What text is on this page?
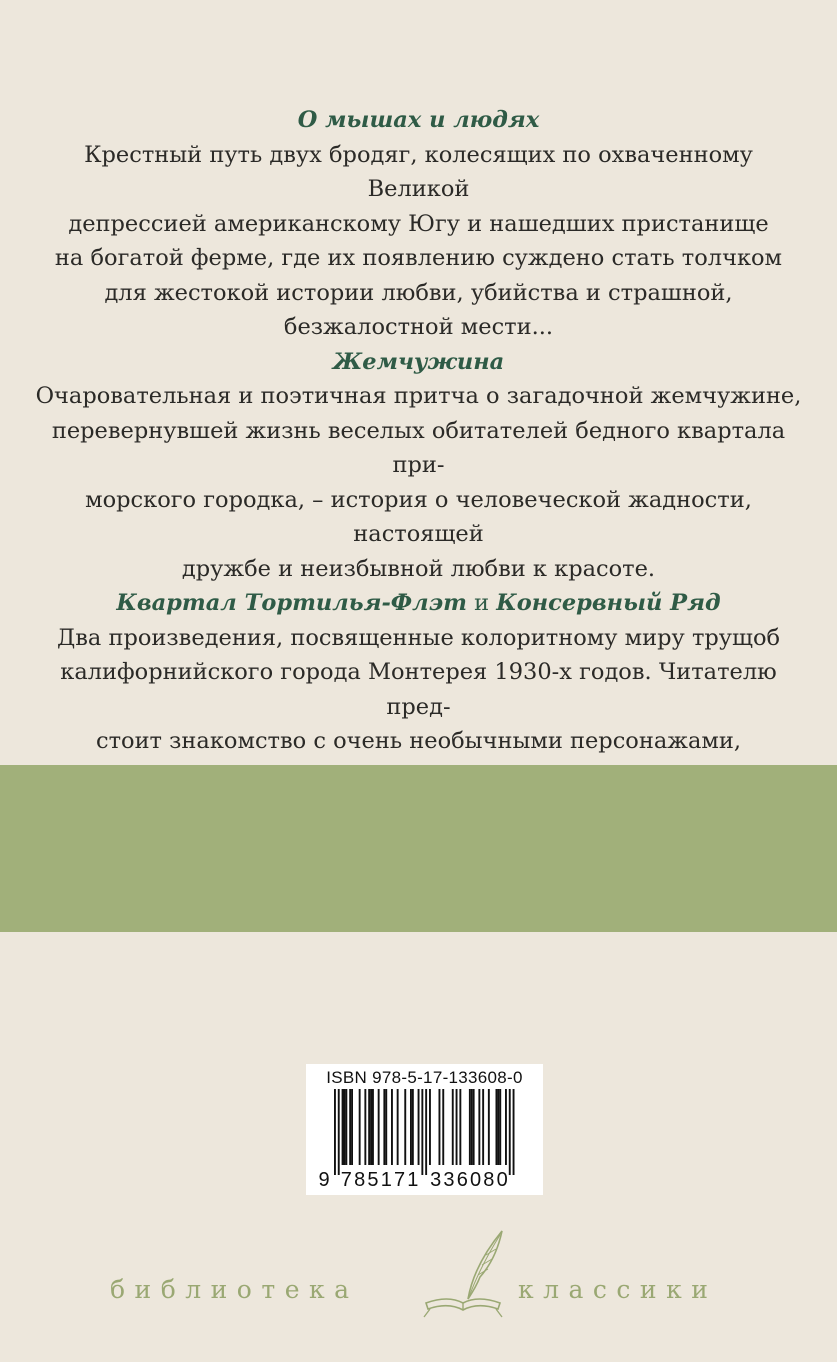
О мышах и людях

Крестный путь двух бродяг, колесящих по охваченному Великой

депрессией американскому Югу и нашедших пристанище

на богатой ферме, где их появлению суждено стать толчком

для жестокой истории любви, убийства и страшной,

безжалостной мести...

Жемчужина

Очаровательная и поэтичная притча о загадочной жемчужине,

перевернувшей жизнь веселых обитателей бедного квартала при-

морского городка, – история о человеческой жадности, настоящей

дружбе и неизбывной любви к красоте.

Квартал Тортилья-Флэт и Консервный Ряд

Два произведения, посвященные колоритному миру трущоб

калифорнийского города Монтерея 1930-х годов. Читателю пред-

стоит знакомство с очень необычными персонажами,

ISBN 978-5-17-133608-0
9 7 8 5 1 7 1 3 3 6 0 8 0
библиотека	классики
